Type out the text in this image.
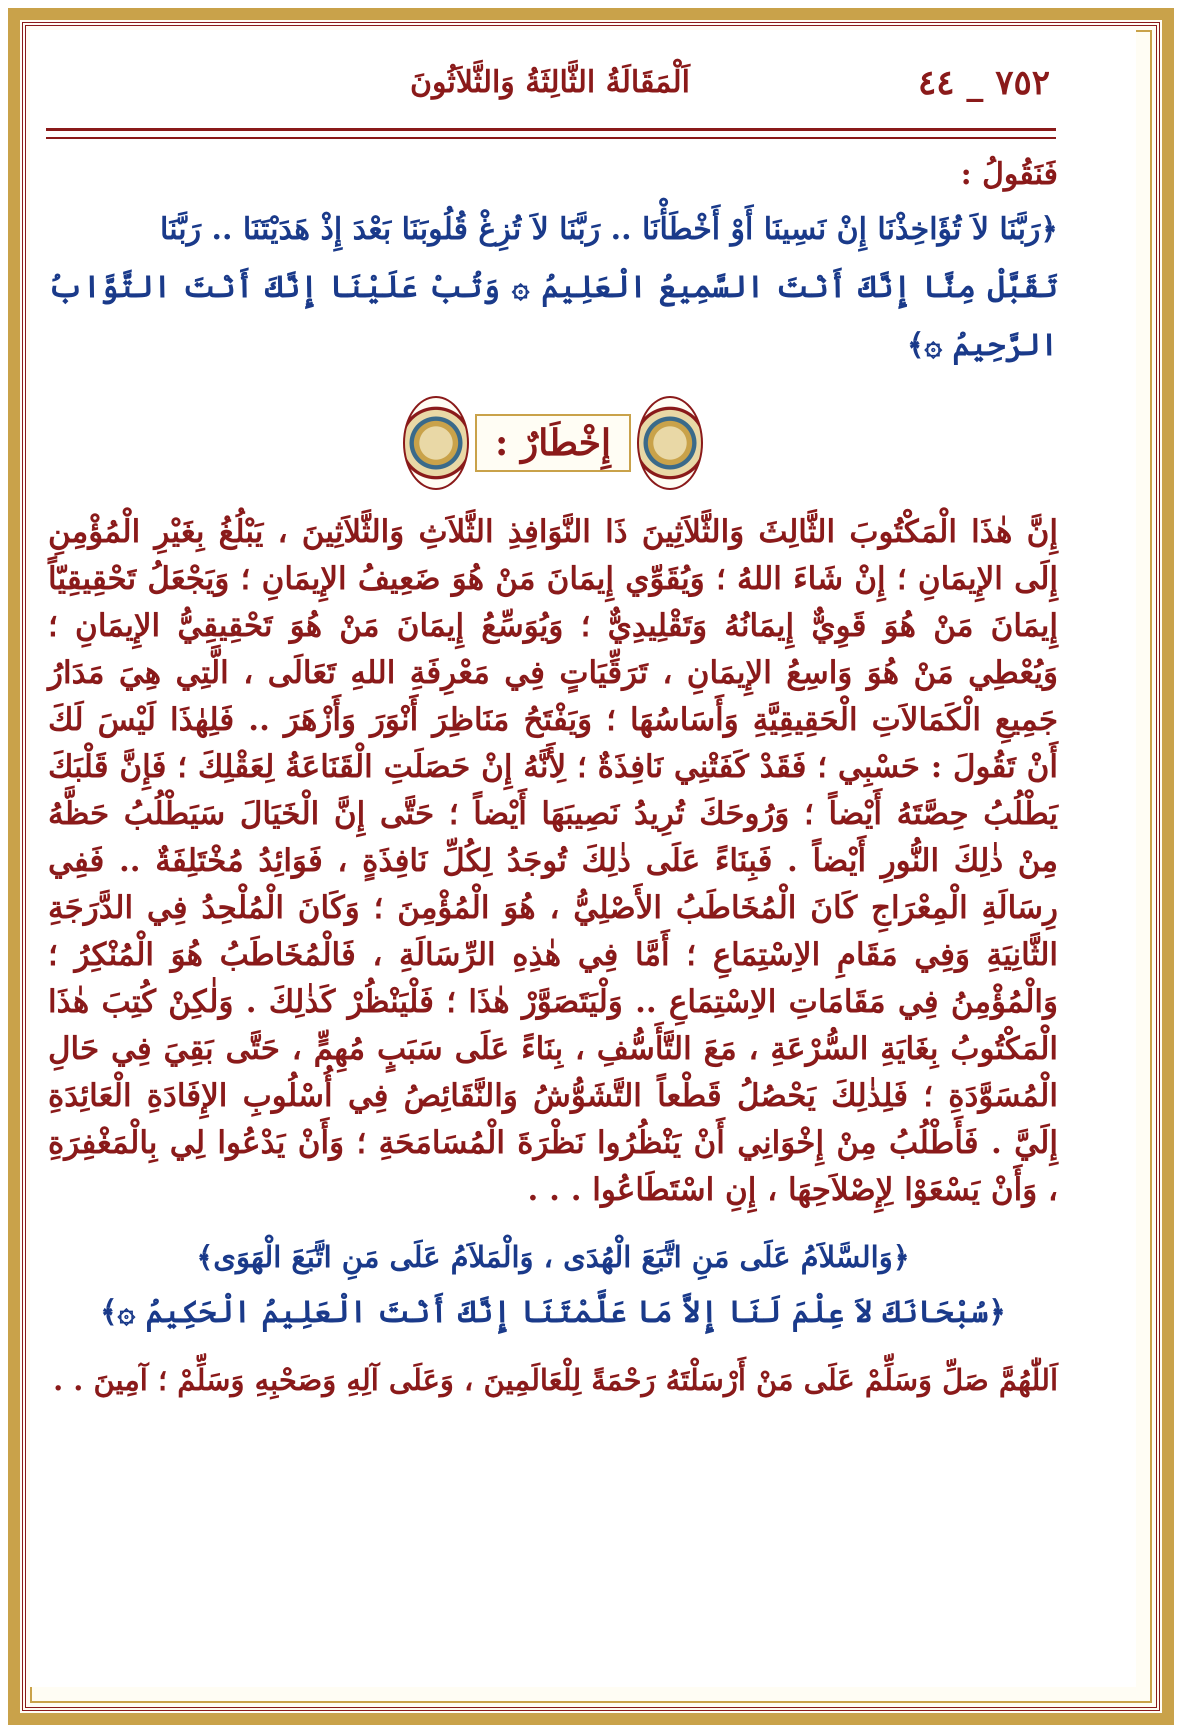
٧٥٢ _ ٤٤
اَلْمَقَالَةُ الثَّالِثَةُ وَالثَّلاَثُونَ

فَنَقُولُ :

﴿رَبَّنَا لاَ تُؤَاخِذْنَا إِنْ نَسِينَا أَوْ أَخْطَأْنَا .. رَبَّنَا لاَ تُزِغْ قُلُوبَنَا بَعْدَ إِذْ هَدَيْتَنَا .. رَبَّنَا

تَقَبَّلْ مِنَّا إِنَّكَ أَنْتَ السَّمِيعُ الْعَلِيمُ ۞ وَتُبْ عَلَيْنَا إِنَّكَ أَنْتَ التَّوَّابُ الرَّحِيمُ ۞﴾

إِخْطَارٌ :

إِنَّ هٰذَا الْمَكْتُوبَ الثَّالِثَ وَالثَّلاَثِينَ ذَا النَّوَافِذِ الثَّلاَثِ وَالثَّلاَثِينَ ، يَبْلُغُ بِغَيْرِ الْمُؤْمِنِ إِلَى الإِيمَانِ ؛ إِنْ شَاءَ اللهُ ؛ وَيُقَوِّي إِيمَانَ مَنْ هُوَ ضَعِيفُ الإِيمَانِ ؛ وَيَجْعَلُ تَحْقِيقِيّاً إِيمَانَ مَنْ هُوَ قَوِيٌّ إِيمَانُهُ وَتَقْلِيدِيٌّ ؛ وَيُوَسِّعُ إِيمَانَ مَنْ هُوَ تَحْقِيقِيُّ الإِيمَانِ ؛ وَيُعْطِي مَنْ هُوَ وَاسِعُ الإِيمَانِ ، تَرَقِّيَاتٍ فِي مَعْرِفَةِ اللهِ تَعَالَى ، الَّتِي هِيَ مَدَارُ جَمِيعِ الْكَمَالاَتِ الْحَقِيقِيَّةِ وَأَسَاسُهَا ؛ وَيَفْتَحُ مَنَاظِرَ أَنْوَرَ وَأَزْهَرَ .. فَلِهٰذَا لَيْسَ لَكَ أَنْ تَقُولَ : حَسْبِي ؛ فَقَدْ كَفَتْنِي نَافِذَةٌ ؛ لِأَنَّهُ إِنْ حَصَلَتِ الْقَنَاعَةُ لِعَقْلِكَ ؛ فَإِنَّ قَلْبَكَ يَطْلُبُ حِصَّتَهُ أَيْضاً ؛ وَرُوحَكَ تُرِيدُ نَصِيبَهَا أَيْضاً ؛ حَتَّى إِنَّ الْخَيَالَ سَيَطْلُبُ حَظَّهُ مِنْ ذٰلِكَ النُّورِ أَيْضاً . فَبِنَاءً عَلَى ذٰلِكَ تُوجَدُ لِكُلِّ نَافِذَةٍ ، فَوَائِدُ مُخْتَلِفَةٌ .. فَفِي رِسَالَةِ الْمِعْرَاجِ كَانَ الْمُخَاطَبُ الأَصْلِيُّ ، هُوَ الْمُؤْمِنَ ؛ وَكَانَ الْمُلْحِدُ فِي الدَّرَجَةِ الثَّانِيَةِ وَفِي مَقَامِ الاِسْتِمَاعِ ؛ أَمَّا فِي هٰذِهِ الرِّسَالَةِ ، فَالْمُخَاطَبُ هُوَ الْمُنْكِرُ ؛ وَالْمُؤْمِنُ فِي مَقَامَاتِ الاِسْتِمَاعِ .. وَلْيَتَصَوَّرْ هٰذَا ؛ فَلْيَنْظُرْ كَذٰلِكَ . وَلٰكِنْ كُتِبَ هٰذَا الْمَكْتُوبُ بِغَايَةِ السُّرْعَةِ ، مَعَ التَّأَسُّفِ ، بِنَاءً عَلَى سَبَبٍ مُهِمٍّ ، حَتَّى بَقِيَ فِي حَالِ الْمُسَوَّدَةِ ؛ فَلِذٰلِكَ يَحْصُلُ قَطْعاً التَّشَوُّشُ وَالنَّقَائِصُ فِي أُسْلُوبِ الإِفَادَةِ الْعَائِدَةِ إِلَيَّ . فَأَطْلُبُ مِنْ إِخْوَانِي أَنْ يَنْظُرُوا نَظْرَةَ الْمُسَامَحَةِ ؛ وَأَنْ يَدْعُوا لِي بِالْمَغْفِرَةِ ، وَأَنْ يَسْعَوْا لِإِصْلاَحِهَا ، إِنِ اسْتَطَاعُوا . . .

﴿وَالسَّلاَمُ عَلَى مَنِ اتَّبَعَ الْهُدَى ، وَالْمَلاَمُ عَلَى مَنِ اتَّبَعَ الْهَوَى﴾

﴿سُبْحَانَكَ لاَ عِلْمَ لَنَا إِلاَّ مَا عَلَّمْتَنَا إِنَّكَ أَنْتَ الْعَلِيمُ الْحَكِيمُ ۞﴾

اَللّٰهُمَّ صَلِّ وَسَلِّمْ عَلَى مَنْ أَرْسَلْتَهُ رَحْمَةً لِلْعَالَمِينَ ، وَعَلَى آلِهِ وَصَحْبِهِ وَسَلِّمْ ؛ آمِينَ . .
